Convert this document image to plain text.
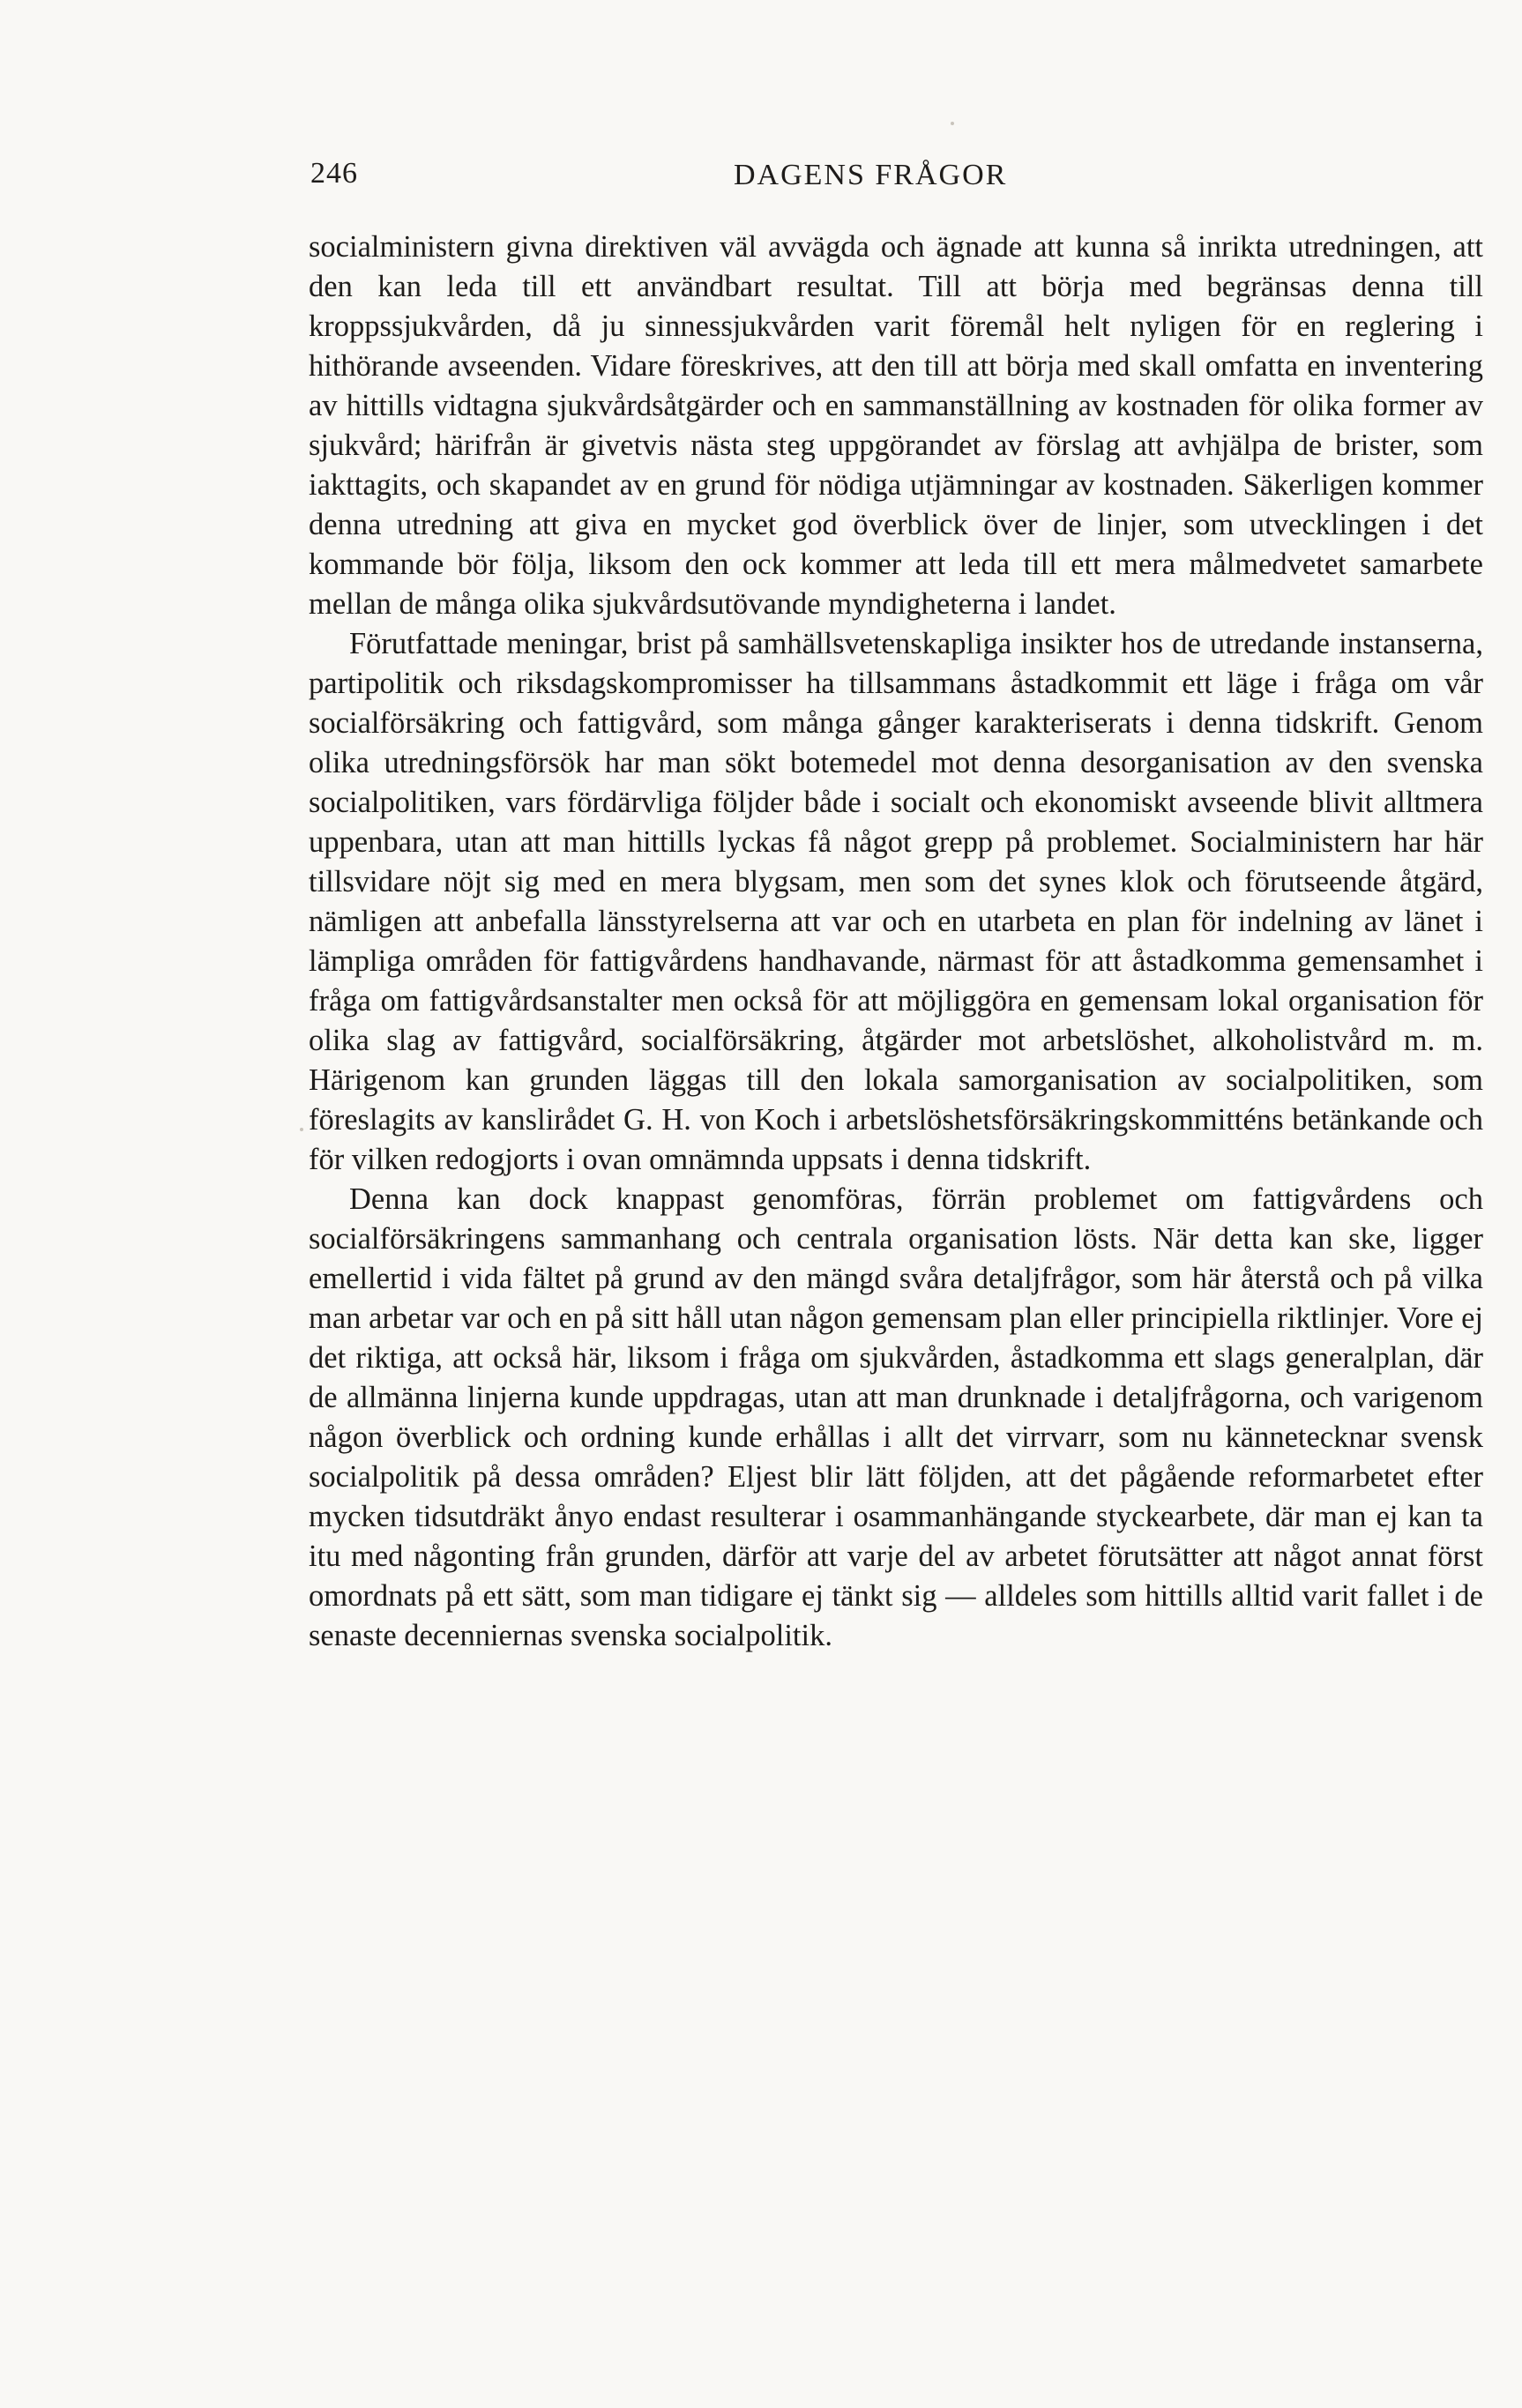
246	DAGENS FRÅGOR

socialministern givna direktiven väl avvägda och ägnade att kunna så inrikta utredningen, att den kan leda till ett användbart resultat. Till att börja med begränsas denna till kroppssjukvården, då ju sinnessjukvården varit föremål helt nyligen för en reglering i hithörande avseenden. Vidare föreskrives, att den till att börja med skall omfatta en inventering av hittills vidtagna sjukvårdsåtgärder och en sammanställning av kostnaden för olika former av sjukvård; härifrån är givetvis nästa steg uppgörandet av förslag att avhjälpa de brister, som iakttagits, och skapandet av en grund för nödiga utjämningar av kostnaden. Säkerligen kommer denna utredning att giva en mycket god överblick över de linjer, som utvecklingen i det kommande bör följa, liksom den ock kommer att leda till ett mera målmedvetet samarbete mellan de många olika sjukvårdsutövande myndigheterna i landet.

Förutfattade meningar, brist på samhällsvetenskapliga insikter hos de utredande instanserna, partipolitik och riksdagskompromisser ha tillsammans åstadkommit ett läge i fråga om vår socialförsäkring och fattigvård, som många gånger karakteriserats i denna tidskrift. Genom olika utredningsförsök har man sökt botemedel mot denna desorganisation av den svenska socialpolitiken, vars fördärvliga följder både i socialt och ekonomiskt avseende blivit alltmera uppenbara, utan att man hittills lyckas få något grepp på problemet. Socialministern har här tillsvidare nöjt sig med en mera blygsam, men som det synes klok och förutseende åtgärd, nämligen att anbefalla länsstyrelserna att var och en utarbeta en plan för indelning av länet i lämpliga områden för fattigvårdens handhavande, närmast för att åstadkomma gemensamhet i fråga om fattigvårdsanstalter men också för att möjliggöra en gemensam lokal organisation för olika slag av fattigvård, socialförsäkring, åtgärder mot arbetslöshet, alkoholistvård m. m. Härigenom kan grunden läggas till den lokala samorganisation av socialpolitiken, som föreslagits av kanslirådet G. H. von Koch i arbetslöshetsförsäkringskommitténs betänkande och för vilken redogjorts i ovan omnämnda uppsats i denna tidskrift.

Denna kan dock knappast genomföras, förrän problemet om fattigvårdens och socialförsäkringens sammanhang och centrala organisation lösts. När detta kan ske, ligger emellertid i vida fältet på grund av den mängd svåra detaljfrågor, som här återstå och på vilka man arbetar var och en på sitt håll utan någon gemensam plan eller principiella riktlinjer. Vore ej det riktiga, att också här, liksom i fråga om sjukvården, åstadkomma ett slags generalplan, där de allmänna linjerna kunde uppdragas, utan att man drunknade i detaljfrågorna, och varigenom någon överblick och ordning kunde erhållas i allt det virrvarr, som nu kännetecknar svensk socialpolitik på dessa områden? Eljest blir lätt följden, att det pågående reformarbetet efter mycken tidsutdräkt ånyo endast resulterar i osammanhängande styckearbete, där man ej kan ta itu med någonting från grunden, därför att varje del av arbetet förutsätter att något annat först omordnats på ett sätt, som man tidigare ej tänkt sig — alldeles som hittills alltid varit fallet i de senaste decenniernas svenska socialpolitik.
